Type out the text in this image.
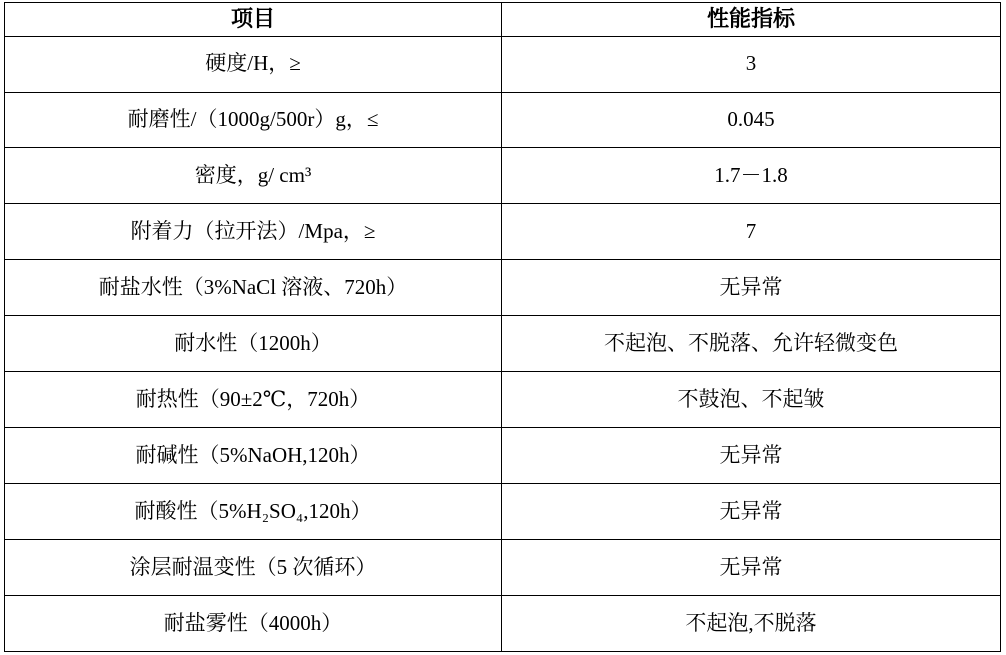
项目	性能指标

硬度/H，≥	3

耐磨性/（1000g/500r）g，≤	0.045

密度，g/ cm³	1.7－1.8

附着力（拉开法）/Mpa，≥	7

耐盐水性（3%NaCl 溶液、720h）	无异常

耐水性（1200h）	不起泡、不脱落、允许轻微变色

耐热性（90±2℃，720h）	不鼓泡、不起皱

耐碱性（5%NaOH,120h）	无异常

耐酸性（5%H₂SO₄,120h）	无异常

涂层耐温变性（5 次循环）	无异常

耐盐雾性（4000h）	不起泡,不脱落
